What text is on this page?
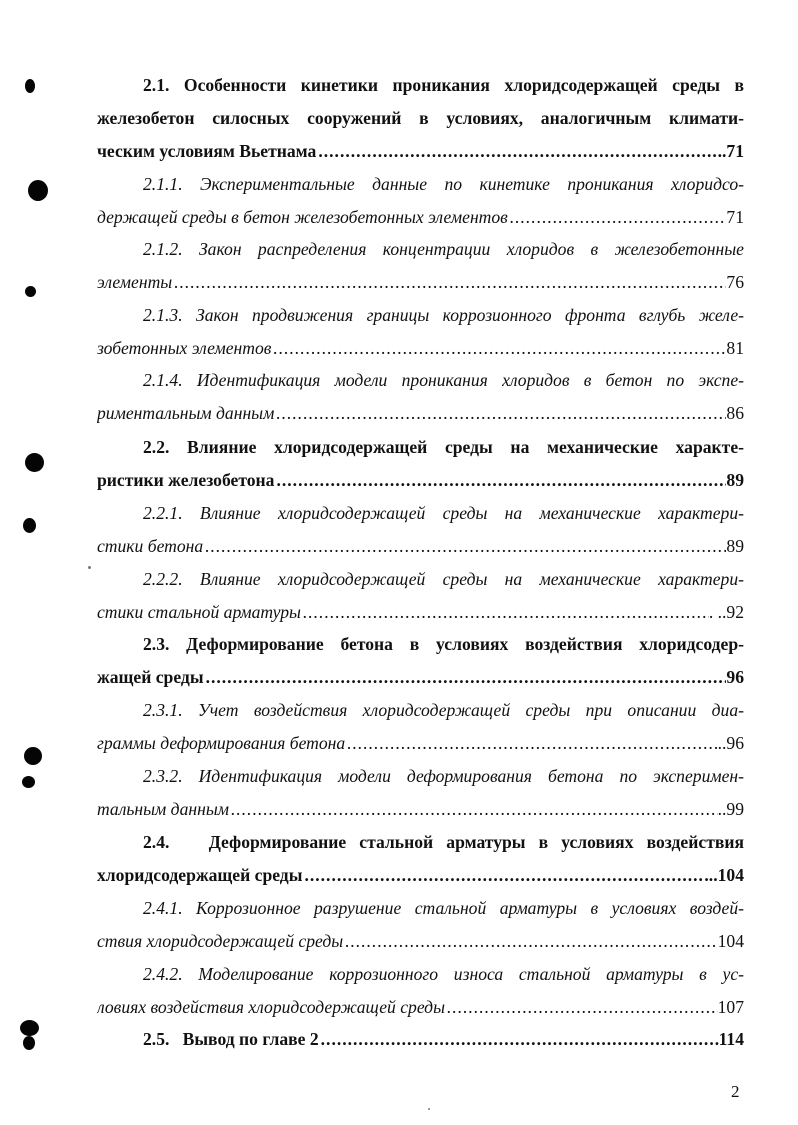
2.1. Особенности кинетики проникания хлоридсодержащей среды в
железобетон силосных сооружений в условиях, аналогичным климати-
ческим условиям Вьетнама .....	..71
2.1.1. Экспериментальные данные по кинетике проникания хлоридсо-
держащей среды в бетон железобетонных элементов .....	71
2.1.2. Закон распределения концентрации хлоридов в железобетонные
элементы .....	76
2.1.3. Закон продвижения границы коррозионного фронта вглубь желе-
зобетонных элементов .....	81
2.1.4. Идентификация модели проникания хлоридов в бетон по экспе-
риментальным данным .....	86
2.2. Влияние хлоридсодержащей среды на механические характе-
ристики железобетона .....	89
2.2.1. Влияние хлоридсодержащей среды на механические характери-
стики бетона .....	89
2.2.2. Влияние хлоридсодержащей среды на механические характери-
стики стальной арматуры .....	. ..92
2.3. Деформирование бетона в условиях воздействия хлоридсодер-
жащей среды .....	96
2.3.1. Учет воздействия хлоридсодержащей среды при описании диа-
граммы деформирования бетона .....	..96
2.3.2. Идентификация модели деформирования бетона по эксперимен-
тальным данным .....	..99
2.4.   Деформирование стальной арматуры в условиях воздействия
хлоридсодержащей среды .....	...104
2.4.1. Коррозионное разрушение стальной арматуры в условиях воздей-
ствия хлоридсодержащей среды .....	104
2.4.2. Моделирование коррозионного износа стальной арматуры в ус-
ловиях воздействия хлоридсодержащей среды .....	107
2.5.   Вывод по главе 2 .....	114
2
